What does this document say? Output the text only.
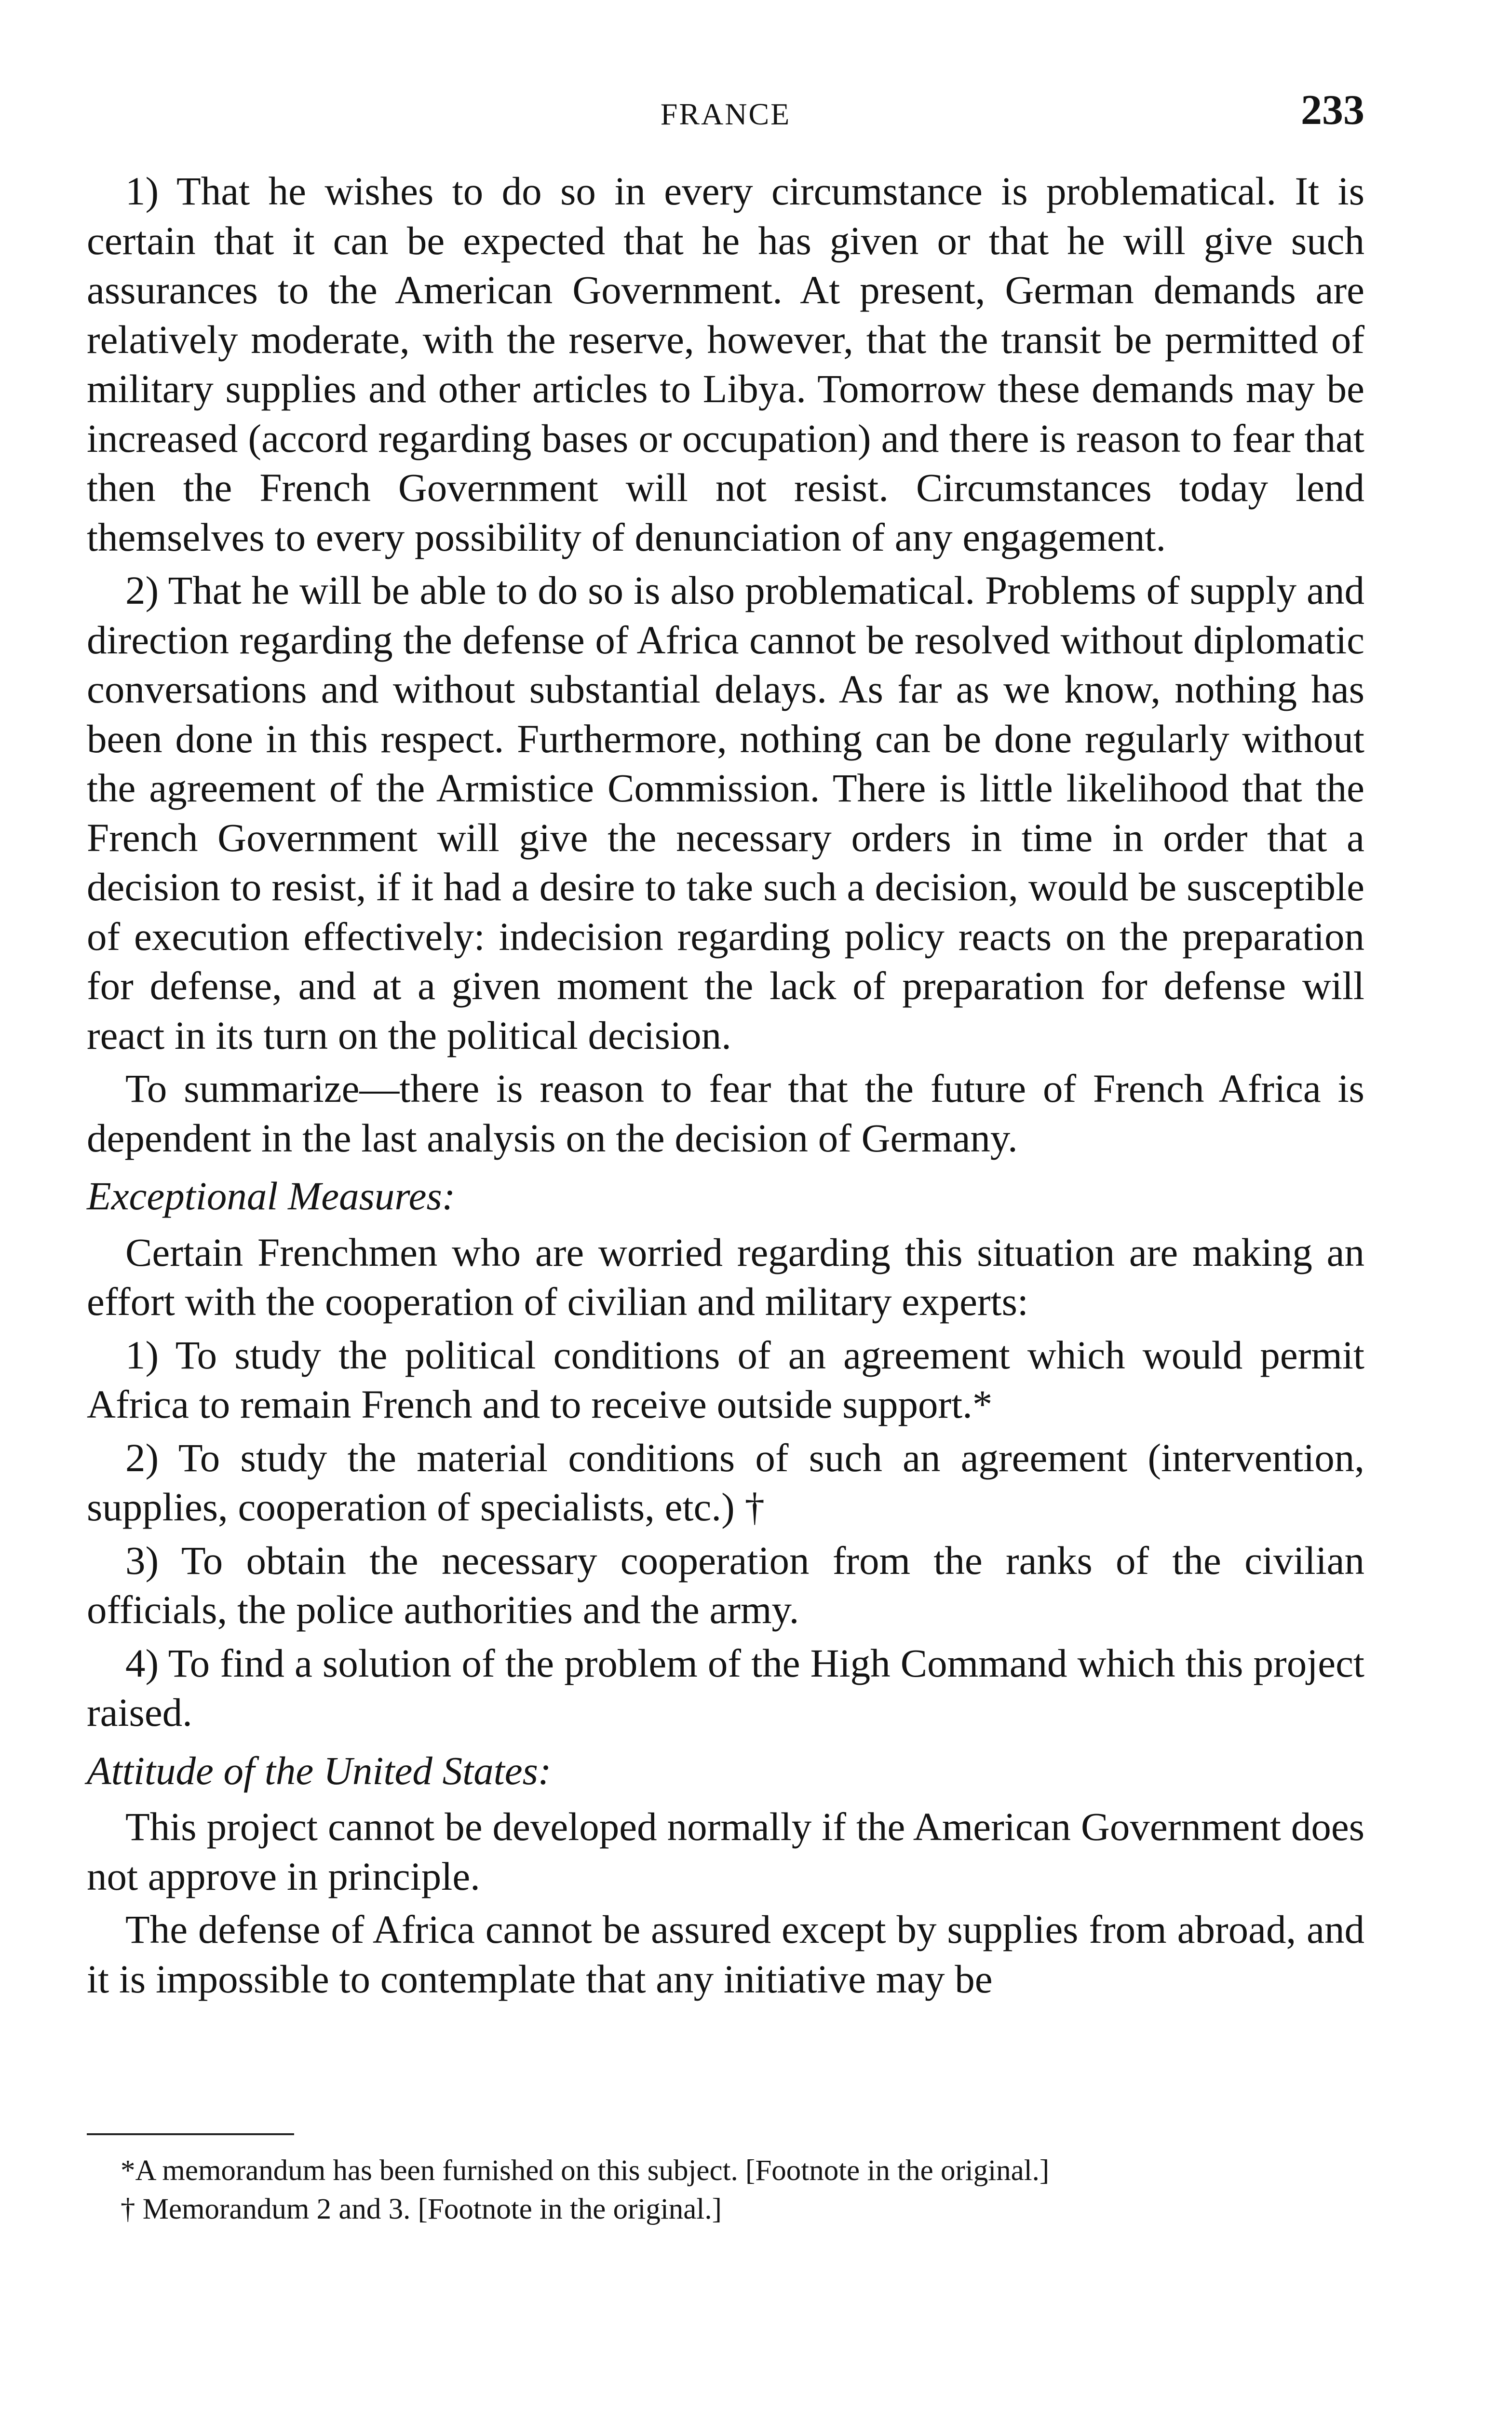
FRANCE	233

1) That he wishes to do so in every circumstance is problematical. It is certain that it can be expected that he has given or that he will give such assurances to the American Government. At present, German demands are relatively moderate, with the reserve, however, that the transit be permitted of military supplies and other articles to Libya. Tomorrow these demands may be increased (accord regarding bases or occupation) and there is reason to fear that then the French Government will not resist. Circumstances today lend themselves to every possibility of denunciation of any engagement.

2) That he will be able to do so is also problematical. Problems of supply and direction regarding the defense of Africa cannot be resolved without diplomatic conversations and without substantial delays. As far as we know, nothing has been done in this respect. Furthermore, nothing can be done regularly without the agreement of the Armistice Commission. There is little likelihood that the French Government will give the necessary orders in time in order that a decision to resist, if it had a desire to take such a decision, would be susceptible of execution effectively: indecision regarding policy reacts on the preparation for defense, and at a given moment the lack of preparation for defense will react in its turn on the political decision.

To summarize—there is reason to fear that the future of French Africa is dependent in the last analysis on the decision of Germany.

Exceptional Measures:

Certain Frenchmen who are worried regarding this situation are making an effort with the cooperation of civilian and military experts:

1) To study the political conditions of an agreement which would permit Africa to remain French and to receive outside support.*

2) To study the material conditions of such an agreement (intervention, supplies, cooperation of specialists, etc.) †

3) To obtain the necessary cooperation from the ranks of the civilian officials, the police authorities and the army.

4) To find a solution of the problem of the High Command which this project raised.

Attitude of the United States:

This project cannot be developed normally if the American Government does not approve in principle.

The defense of Africa cannot be assured except by supplies from abroad, and it is impossible to contemplate that any initiative may be

*A memorandum has been furnished on this subject. [Footnote in the original.]

† Memorandum 2 and 3. [Footnote in the original.]
